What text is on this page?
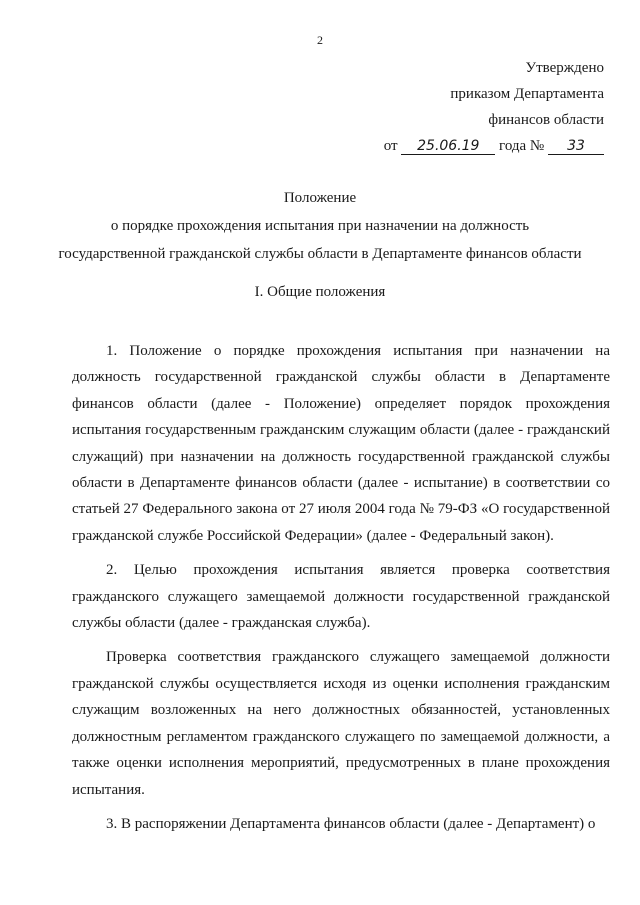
2
Утверждено
приказом Департамента
финансов области
от 25.06.19 года № 33
Положение
о порядке прохождения испытания при назначении на должность
государственной гражданской службы области в Департаменте финансов области
I. Общие положения

1. Положение о порядке прохождения испытания при назначении на должность государственной гражданской службы области в Департаменте финансов области (далее - Положение) определяет порядок прохождения испытания государственным гражданским служащим области (далее - гражданский служащий) при назначении на должность государственной гражданской службы области в Департаменте финансов области (далее - испытание) в соответствии со статьей 27 Федерального закона от 27 июля 2004 года № 79-ФЗ «О государственной гражданской службе Российской Федерации» (далее - Федеральный закон).

2. Целью прохождения испытания является проверка соответствия гражданского служащего замещаемой должности государственной гражданской службы области (далее - гражданская служба).

Проверка соответствия гражданского служащего замещаемой должности гражданской службы осуществляется исходя из оценки исполнения гражданским служащим возложенных на него должностных обязанностей, установленных должностным регламентом гражданского служащего по замещаемой должности, а также оценки исполнения мероприятий, предусмотренных в плане прохождения испытания.

3. В распоряжении Департамента финансов области (далее - Департамент) о
